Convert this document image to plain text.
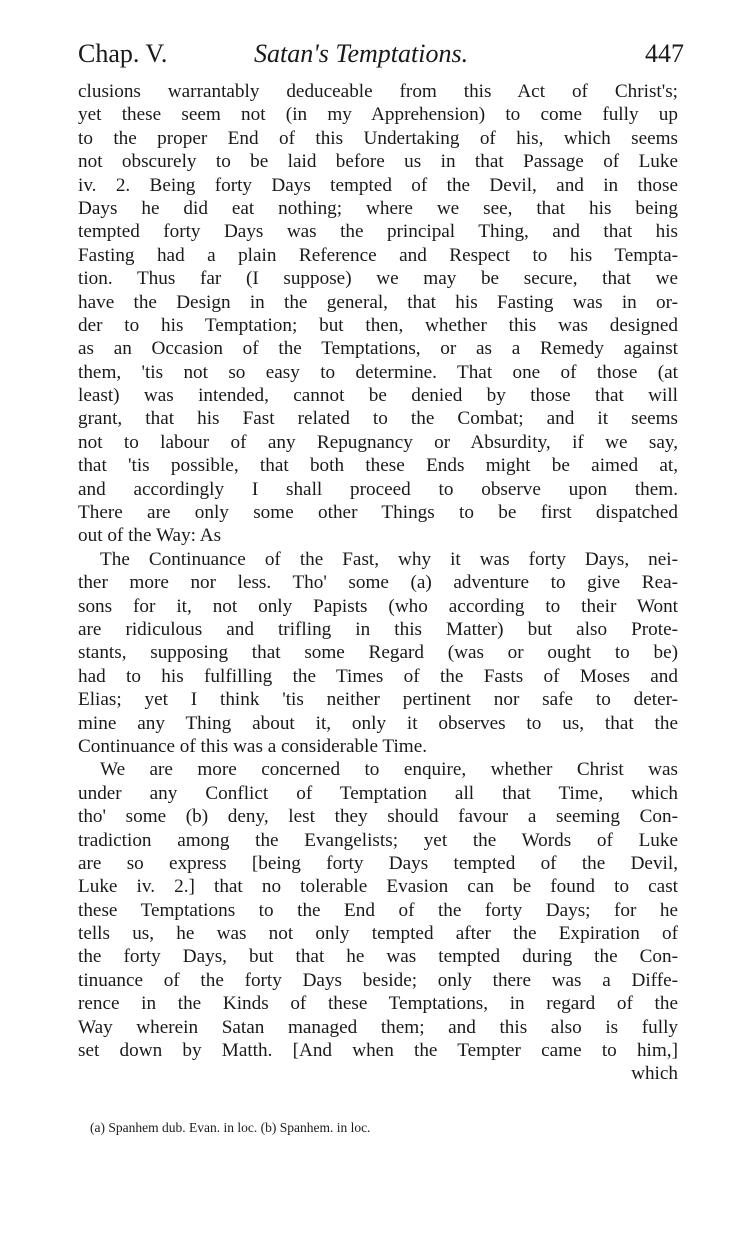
Chap. V.	Satan's Temptations.	447
clusions warrantably deduceable from this Act of Christ's;
yet these seem not (in my Apprehension) to come fully up
to the proper End of this Undertaking of his, which seems
not obscurely to be laid before us in that Passage of Luke
iv. 2. Being forty Days tempted of the Devil, and in those
Days he did eat nothing; where we see, that his being
tempted forty Days was the principal Thing, and that his
Fasting had a plain Reference and Respect to his Tempta-
tion. Thus far (I suppose) we may be secure, that we
have the Design in the general, that his Fasting was in or-
der to his Temptation; but then, whether this was designed
as an Occasion of the Temptations, or as a Remedy against
them, 'tis not so easy to determine. That one of those (at
least) was intended, cannot be denied by those that will
grant, that his Fast related to the Combat; and it seems
not to labour of any Repugnancy or Absurdity, if we say,
that 'tis possible, that both these Ends might be aimed at,
and accordingly I shall proceed to observe upon them.
There are only some other Things to be first dispatched
out of the Way: As
The Continuance of the Fast, why it was forty Days, nei-
ther more nor less. Tho' some (a) adventure to give Rea-
sons for it, not only Papists (who according to their Wont
are ridiculous and trifling in this Matter) but also Prote-
stants, supposing that some Regard (was or ought to be)
had to his fulfilling the Times of the Fasts of Moses and
Elias; yet I think 'tis neither pertinent nor safe to deter-
mine any Thing about it, only it observes to us, that the
Continuance of this was a considerable Time.
We are more concerned to enquire, whether Christ was
under any Conflict of Temptation all that Time, which
tho' some (b) deny, lest they should favour a seeming Con-
tradiction among the Evangelists; yet the Words of Luke
are so express [being forty Days tempted of the Devil,
Luke iv. 2.] that no tolerable Evasion can be found to cast
these Temptations to the End of the forty Days; for he
tells us, he was not only tempted after the Expiration of
the forty Days, but that he was tempted during the Con-
tinuance of the forty Days beside; only there was a Diffe-
rence in the Kinds of these Temptations, in regard of the
Way wherein Satan managed them; and this also is fully
set down by Matth. [And when the Tempter came to him,]
which
(a) Spanhem dub. Evan. in loc. (b) Spanhem. in loc.
